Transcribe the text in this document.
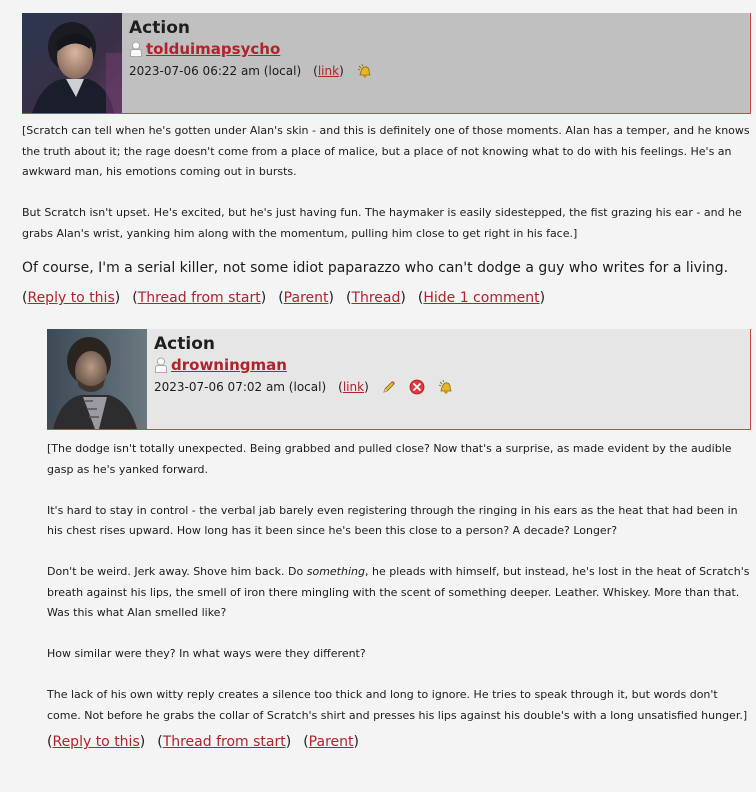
Action
tolduimapsycho
2023-07-06 06:22 am (local) ( link )

[Scratch can tell when he's gotten under Alan's skin - and this is definitely one of those moments. Alan has a temper, and he knows the truth about it; the rage doesn't come from a place of malice, but a place of not knowing what to do with his feelings. He's an awkward man, his emotions coming out in bursts.

But Scratch isn't upset. He's excited, but he's just having fun. The haymaker is easily sidestepped, the fist grazing his ear - and he grabs Alan's wrist, yanking him along with the momentum, pulling him close to get right in his face.]

Of course, I'm a serial killer, not some idiot paparazzo who can't dodge a guy who writes for a living.
(Reply to this) (Thread from start) (Parent) (Thread) (Hide 1 comment)
Action
drowningman
2023-07-06 07:02 am (local) ( link )

[The dodge isn't totally unexpected. Being grabbed and pulled close? Now that's a surprise, as made evident by the audible gasp as he's yanked forward.

It's hard to stay in control - the verbal jab barely even registering through the ringing in his ears as the heat that had been in his chest rises upward. How long has it been since he's been this close to a person? A decade? Longer?

Don't be weird. Jerk away. Shove him back. Do something, he pleads with himself, but instead, he's lost in the heat of Scratch's breath against his lips, the smell of iron there mingling with the scent of something deeper. Leather. Whiskey. More than that. Was this what Alan smelled like?

How similar were they? In what ways were they different?

The lack of his own witty reply creates a silence too thick and long to ignore. He tries to speak through it, but words don't come. Not before he grabs the collar of Scratch's shirt and presses his lips against his double's with a long unsatisfied hunger.]

(Reply to this) (Thread from start) (Parent)
